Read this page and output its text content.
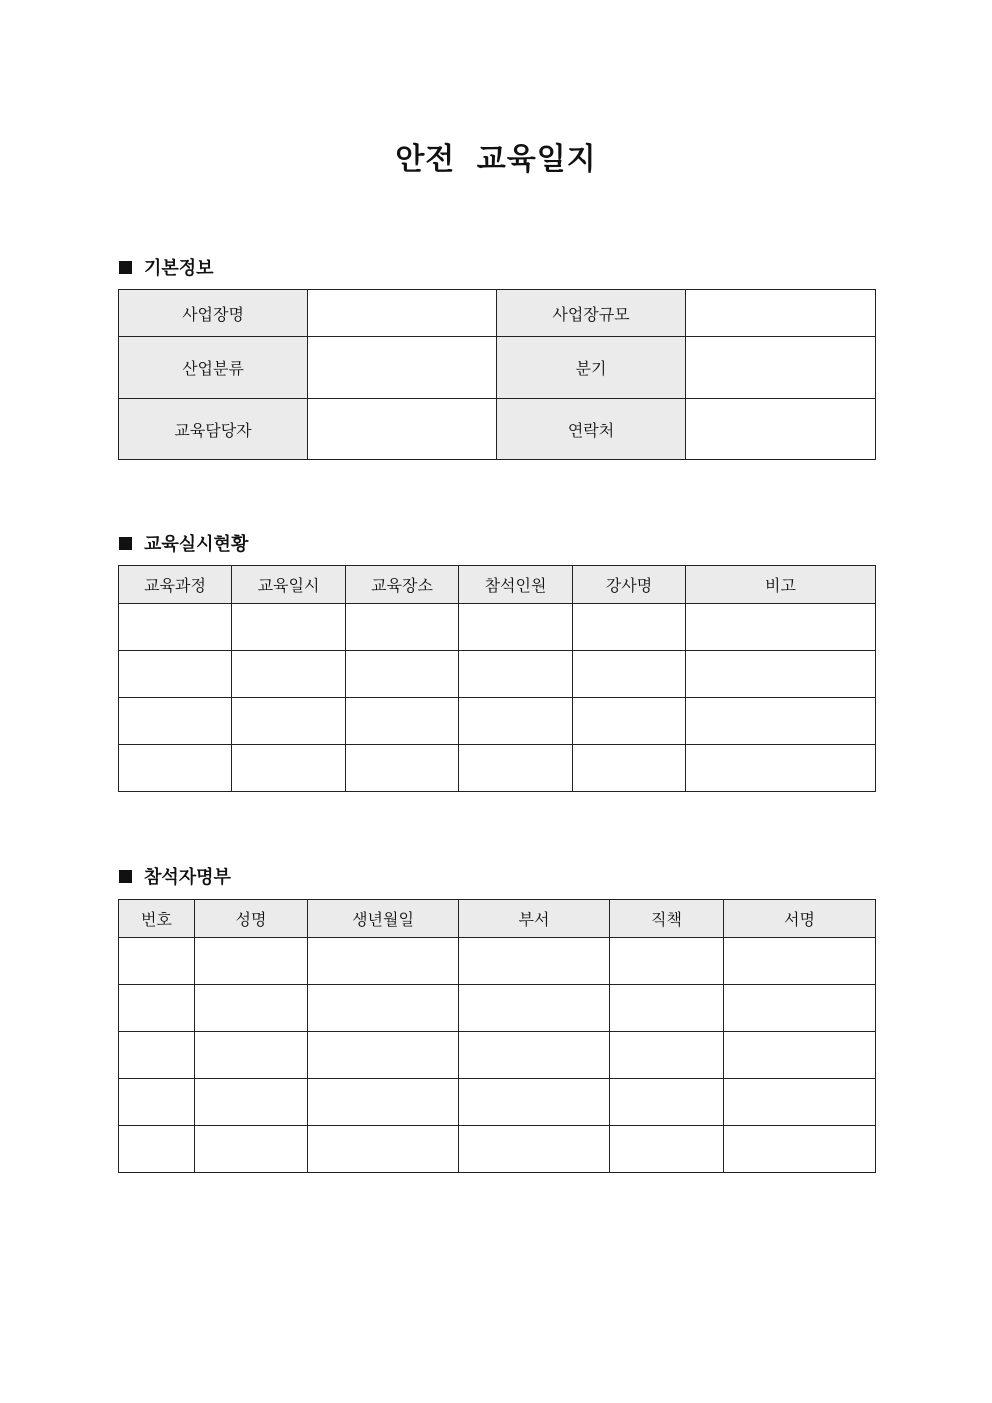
안전 교육일지
기본정보
사업장명		사업장규모	
산업분류		분기	
교육담당자		연락처	
교육실시현황
교육과정	교육일시	교육장소	참석인원	강사명	비고

참석자명부
번호	성명	생년월일	부서	직책	서명
